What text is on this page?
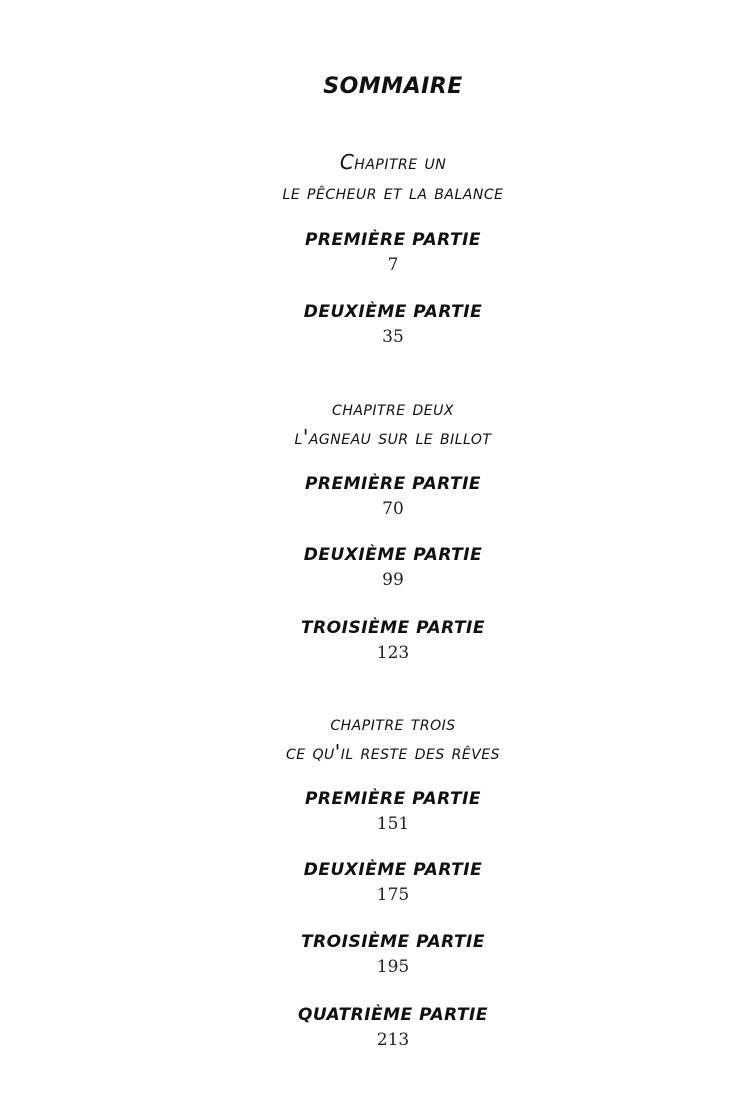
SOMMAIRE
Chapitre un
le pêcheur et la balance
PREMIÈRE PARTIE
7
DEUXIÈME PARTIE
35
chapitre deux
l'agneau sur le billot
PREMIÈRE PARTIE
70
DEUXIÈME PARTIE
99
TROISIÈME PARTIE
123
chapitre trois
ce qu'il reste des rêves
PREMIÈRE PARTIE
151
DEUXIÈME PARTIE
175
TROISIÈME PARTIE
195
QUATRIÈME PARTIE
213
